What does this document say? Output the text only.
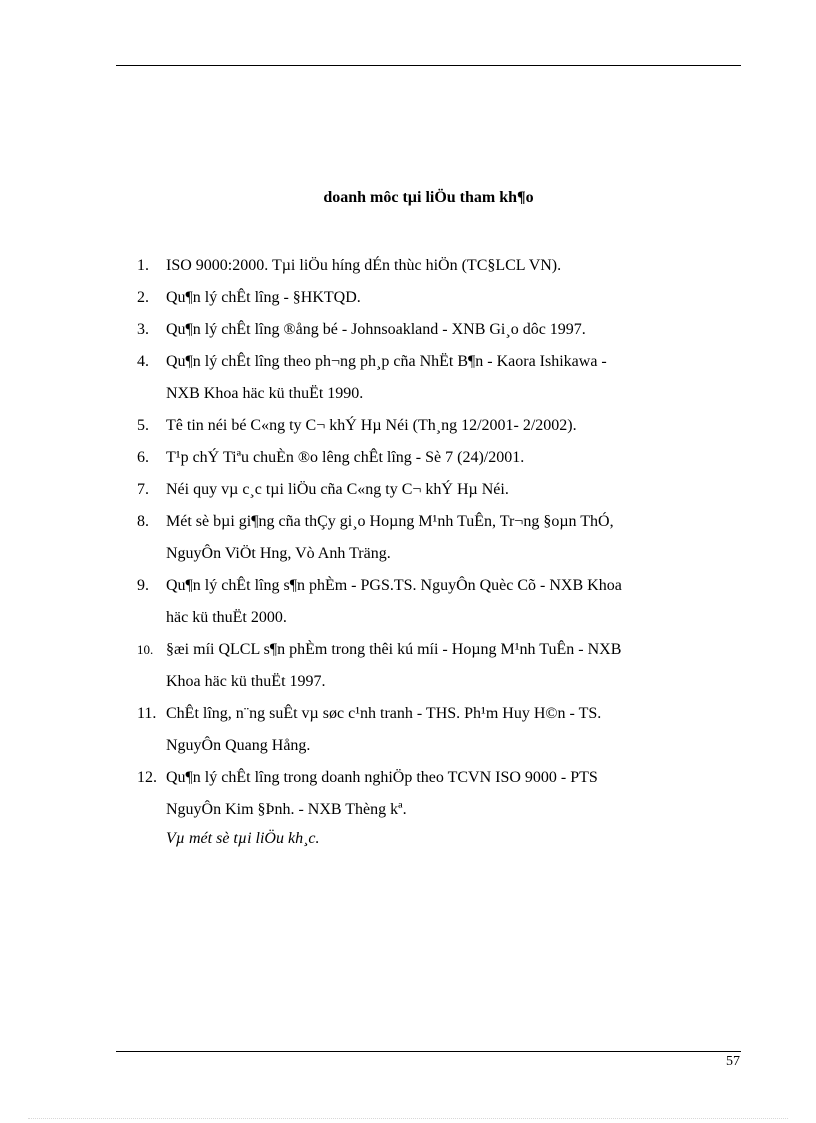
doanh môc tµi liÖu tham kh¶o
1.	ISO 9000:2000. Tµi liÖu híng dÉn thùc hiÖn (TC§LCL VN).
2.	Qu¶n lý chÊt lîng - §HKTQD.
3.	Qu¶n lý chÊt lîng ®ång bé - Johnsoakland - XNB Gi¸o dôc 1997.
4.	Qu¶n lý chÊt lîng theo ph¬ng ph¸p cña NhËt B¶n - Kaora Ishikawa -
NXB Khoa häc kü thuËt 1990.
5.	Tê tin néi bé C«ng ty C¬ khÝ Hµ Néi (Th¸ng 12/2001- 2/2002).
6.	T¹p chÝ Tiªu chuÈn ®o lêng chÊt lîng - Sè 7 (24)/2001.
7.	Néi quy vµ c¸c tµi liÖu cña C«ng ty C¬ khÝ Hµ Néi.
8.	Mét sè bµi gi¶ng cña thÇy gi¸o Hoµng M¹nh TuÊn, Tr¬ng §oµn ThÓ,
NguyÔn ViÖt Hng, Vò Anh Träng.
9.	Qu¶n lý chÊt lîng s¶n phÈm - PGS.TS. NguyÔn Quèc Cõ - NXB Khoa
häc kü thuËt 2000.
10. §æi míi QLCL s¶n phÈm trong thêi kú míi - Hoµng M¹nh TuÊn - NXB
Khoa häc kü thuËt 1997.
11. ChÊt lîng, n¨ng suÊt vµ søc c¹nh tranh - THS. Ph¹m Huy H©n - TS.
NguyÔn Quang Hång.
12. Qu¶n lý chÊt lîng trong doanh nghiÖp theo TCVN ISO 9000 - PTS
NguyÔn Kim §Þnh. - NXB Thèng kª.
Vµ mét sè tµi liÖu kh¸c.
57
